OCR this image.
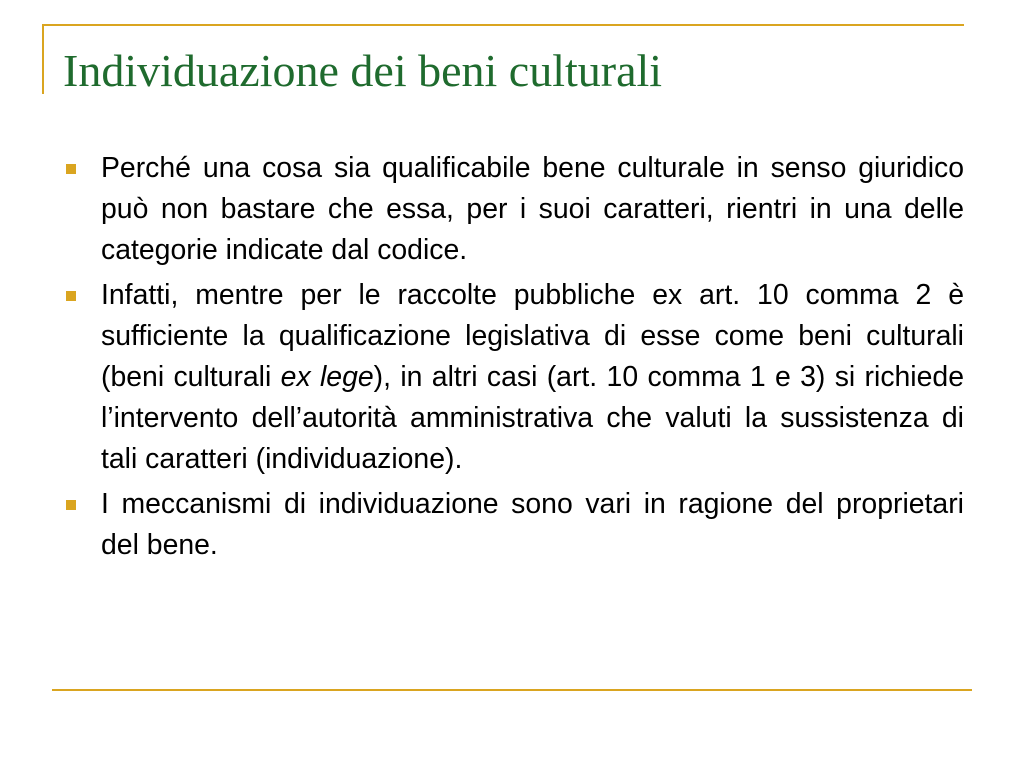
Individuazione dei beni culturali
Perché una cosa sia qualificabile bene culturale in senso giuridico può non bastare che essa, per i suoi caratteri, rientri in una delle categorie indicate dal codice.
Infatti, mentre per le raccolte pubbliche ex art. 10 comma 2 è sufficiente la qualificazione legislativa di esse come beni culturali (beni culturali ex lege), in altri casi (art. 10 comma 1 e 3) si richiede l’intervento dell’autorità amministrativa che valuti la sussistenza di tali caratteri (individuazione).
I meccanismi di individuazione sono vari in ragione del proprietari del bene.
